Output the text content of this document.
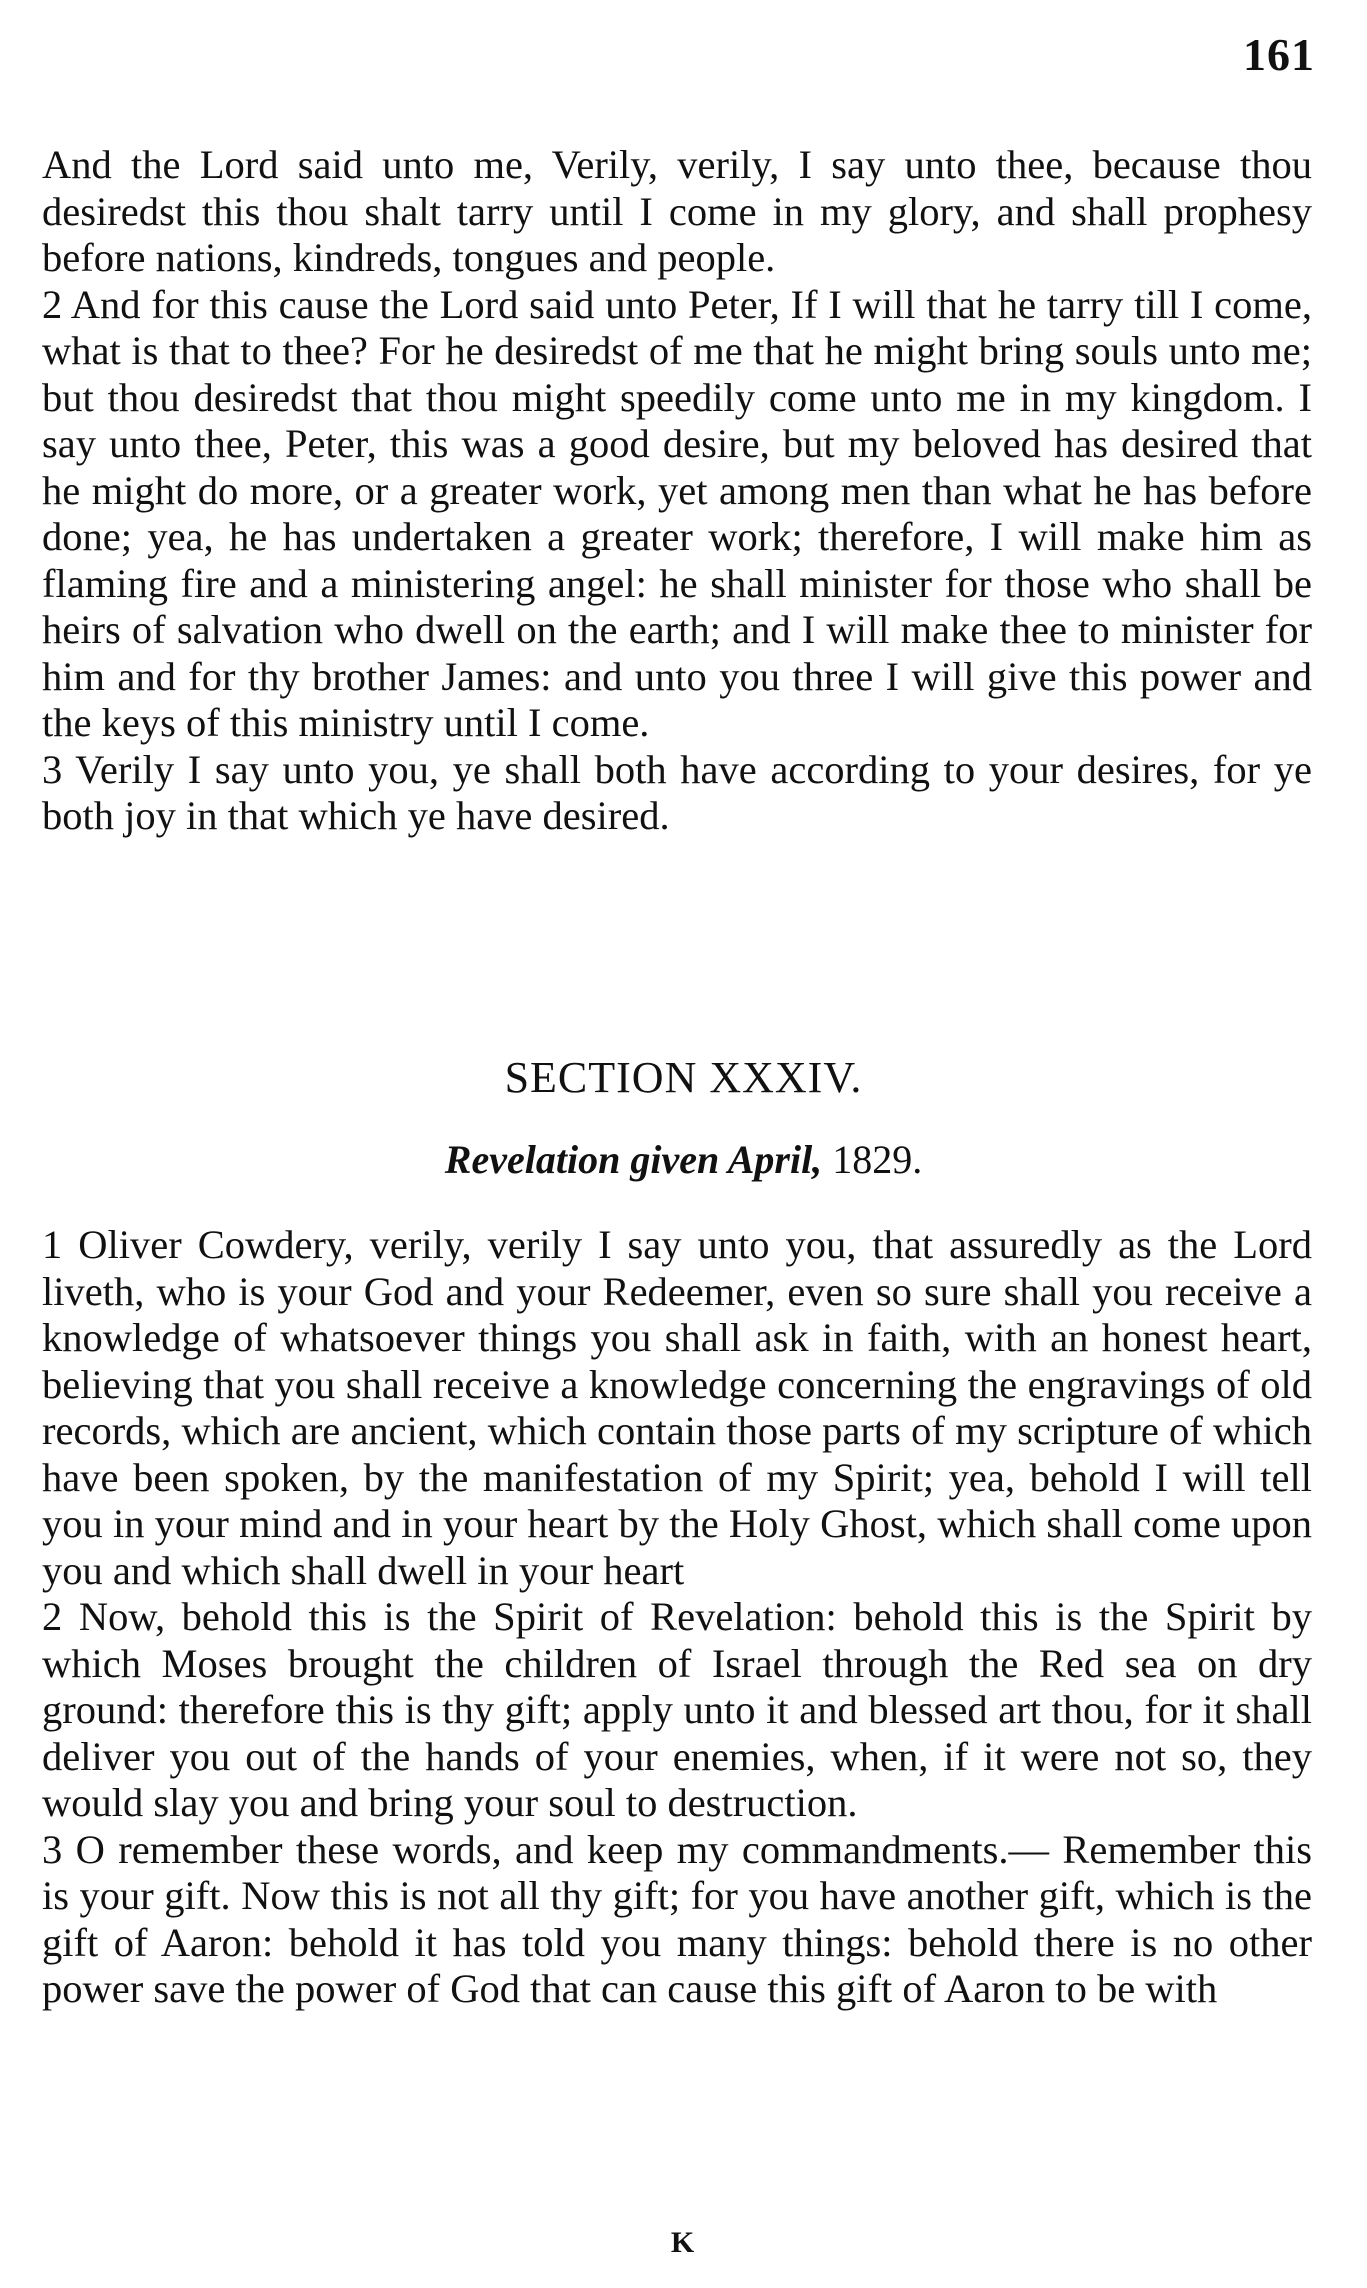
161

And the Lord said unto me, Verily, verily, I say unto thee, because thou desiredst this thou shalt tarry until I come in my glory, and shall prophesy before nations, kindreds, tongues and people.

2 And for this cause the Lord said unto Peter, If I will that he tarry till I come, what is that to thee? For he desiredst of me that he might bring souls unto me; but thou desiredst that thou might speedily come unto me in my kingdom. I say unto thee, Peter, this was a good desire, but my beloved has desired that he might do more, or a greater work, yet among men than what he has before done; yea, he has undertaken a greater work; therefore, I will make him as flaming fire and a ministering angel: he shall minister for those who shall be heirs of salvation who dwell on the earth; and I will make thee to minister for him and for thy brother James: and unto you three I will give this power and the keys of this ministry until I come.

3 Verily I say unto you, ye shall both have according to your desires, for ye both joy in that which ye have desired.

SECTION XXXIV.
Revelation given April, 1829.

1 Oliver Cowdery, verily, verily I say unto you, that assuredly as the Lord liveth, who is your God and your Redeemer, even so sure shall you receive a knowledge of whatsoever things you shall ask in faith, with an honest heart, believing that you shall receive a knowledge concerning the engravings of old records, which are ancient, which contain those parts of my scripture of which have been spoken, by the manifestation of my Spirit; yea, behold I will tell you in your mind and in your heart by the Holy Ghost, which shall come upon you and which shall dwell in your heart

2 Now, behold this is the Spirit of Revelation: behold this is the Spirit by which Moses brought the children of Israel through the Red sea on dry ground: therefore this is thy gift; apply unto it and blessed art thou, for it shall deliver you out of the hands of your enemies, when, if it were not so, they would slay you and bring your soul to destruction.

3 O remember these words, and keep my commandments.— Remember this is your gift. Now this is not all thy gift; for you have another gift, which is the gift of Aaron: behold it has told you many things: behold there is no other power save the power of God that can cause this gift of Aaron to be with

K
